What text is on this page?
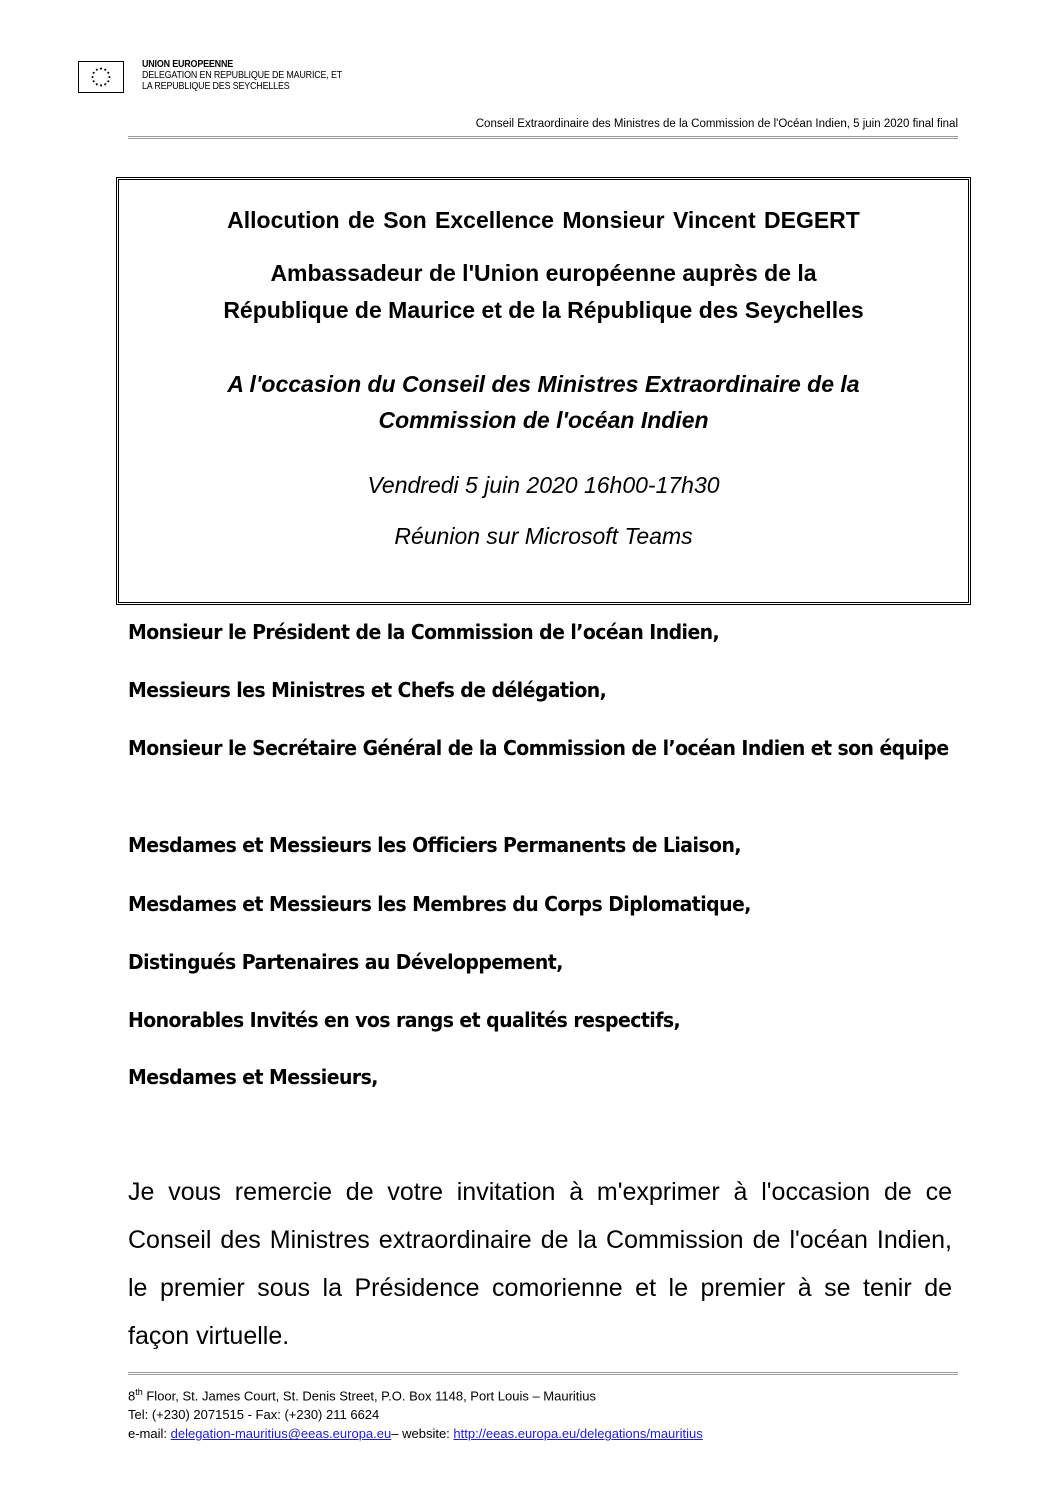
UNION EUROPEENNE
DELEGATION EN REPUBLIQUE DE MAURICE, ET
LA REPUBLIQUE DES SEYCHELLES
Conseil Extraordinaire des Ministres de la Commission de l'Océan Indien, 5 juin 2020 final final
Allocution de Son Excellence Monsieur Vincent DEGERT
Ambassadeur de l'Union européenne auprès de la
République de Maurice et de la République des Seychelles
A l'occasion du Conseil des Ministres Extraordinaire de la
Commission de l'océan Indien
Vendredi 5 juin 2020 16h00-17h30
Réunion sur Microsoft Teams
Monsieur le Président de la Commission de l’océan Indien,
Messieurs les Ministres et Chefs de délégation,
Monsieur le Secrétaire Général de la Commission de l’océan Indien et son équipe
Mesdames et Messieurs les Officiers Permanents de Liaison,
Mesdames et Messieurs les Membres du Corps Diplomatique,
Distingués Partenaires au Développement,
Honorables Invités en vos rangs et qualités respectifs,
Mesdames et Messieurs,
Je vous remercie de votre invitation à m'exprimer à l'occasion de ce Conseil des Ministres extraordinaire de la Commission de l'océan Indien, le premier sous la Présidence comorienne et le premier à se tenir de façon virtuelle.
8th Floor, St. James Court, St. Denis Street, P.O. Box 1148, Port Louis – Mauritius
Tel: (+230) 2071515 - Fax: (+230) 211 6624
e-mail: delegation-mauritius@eeas.europa.eu– website: http://eeas.europa.eu/delegations/mauritius
